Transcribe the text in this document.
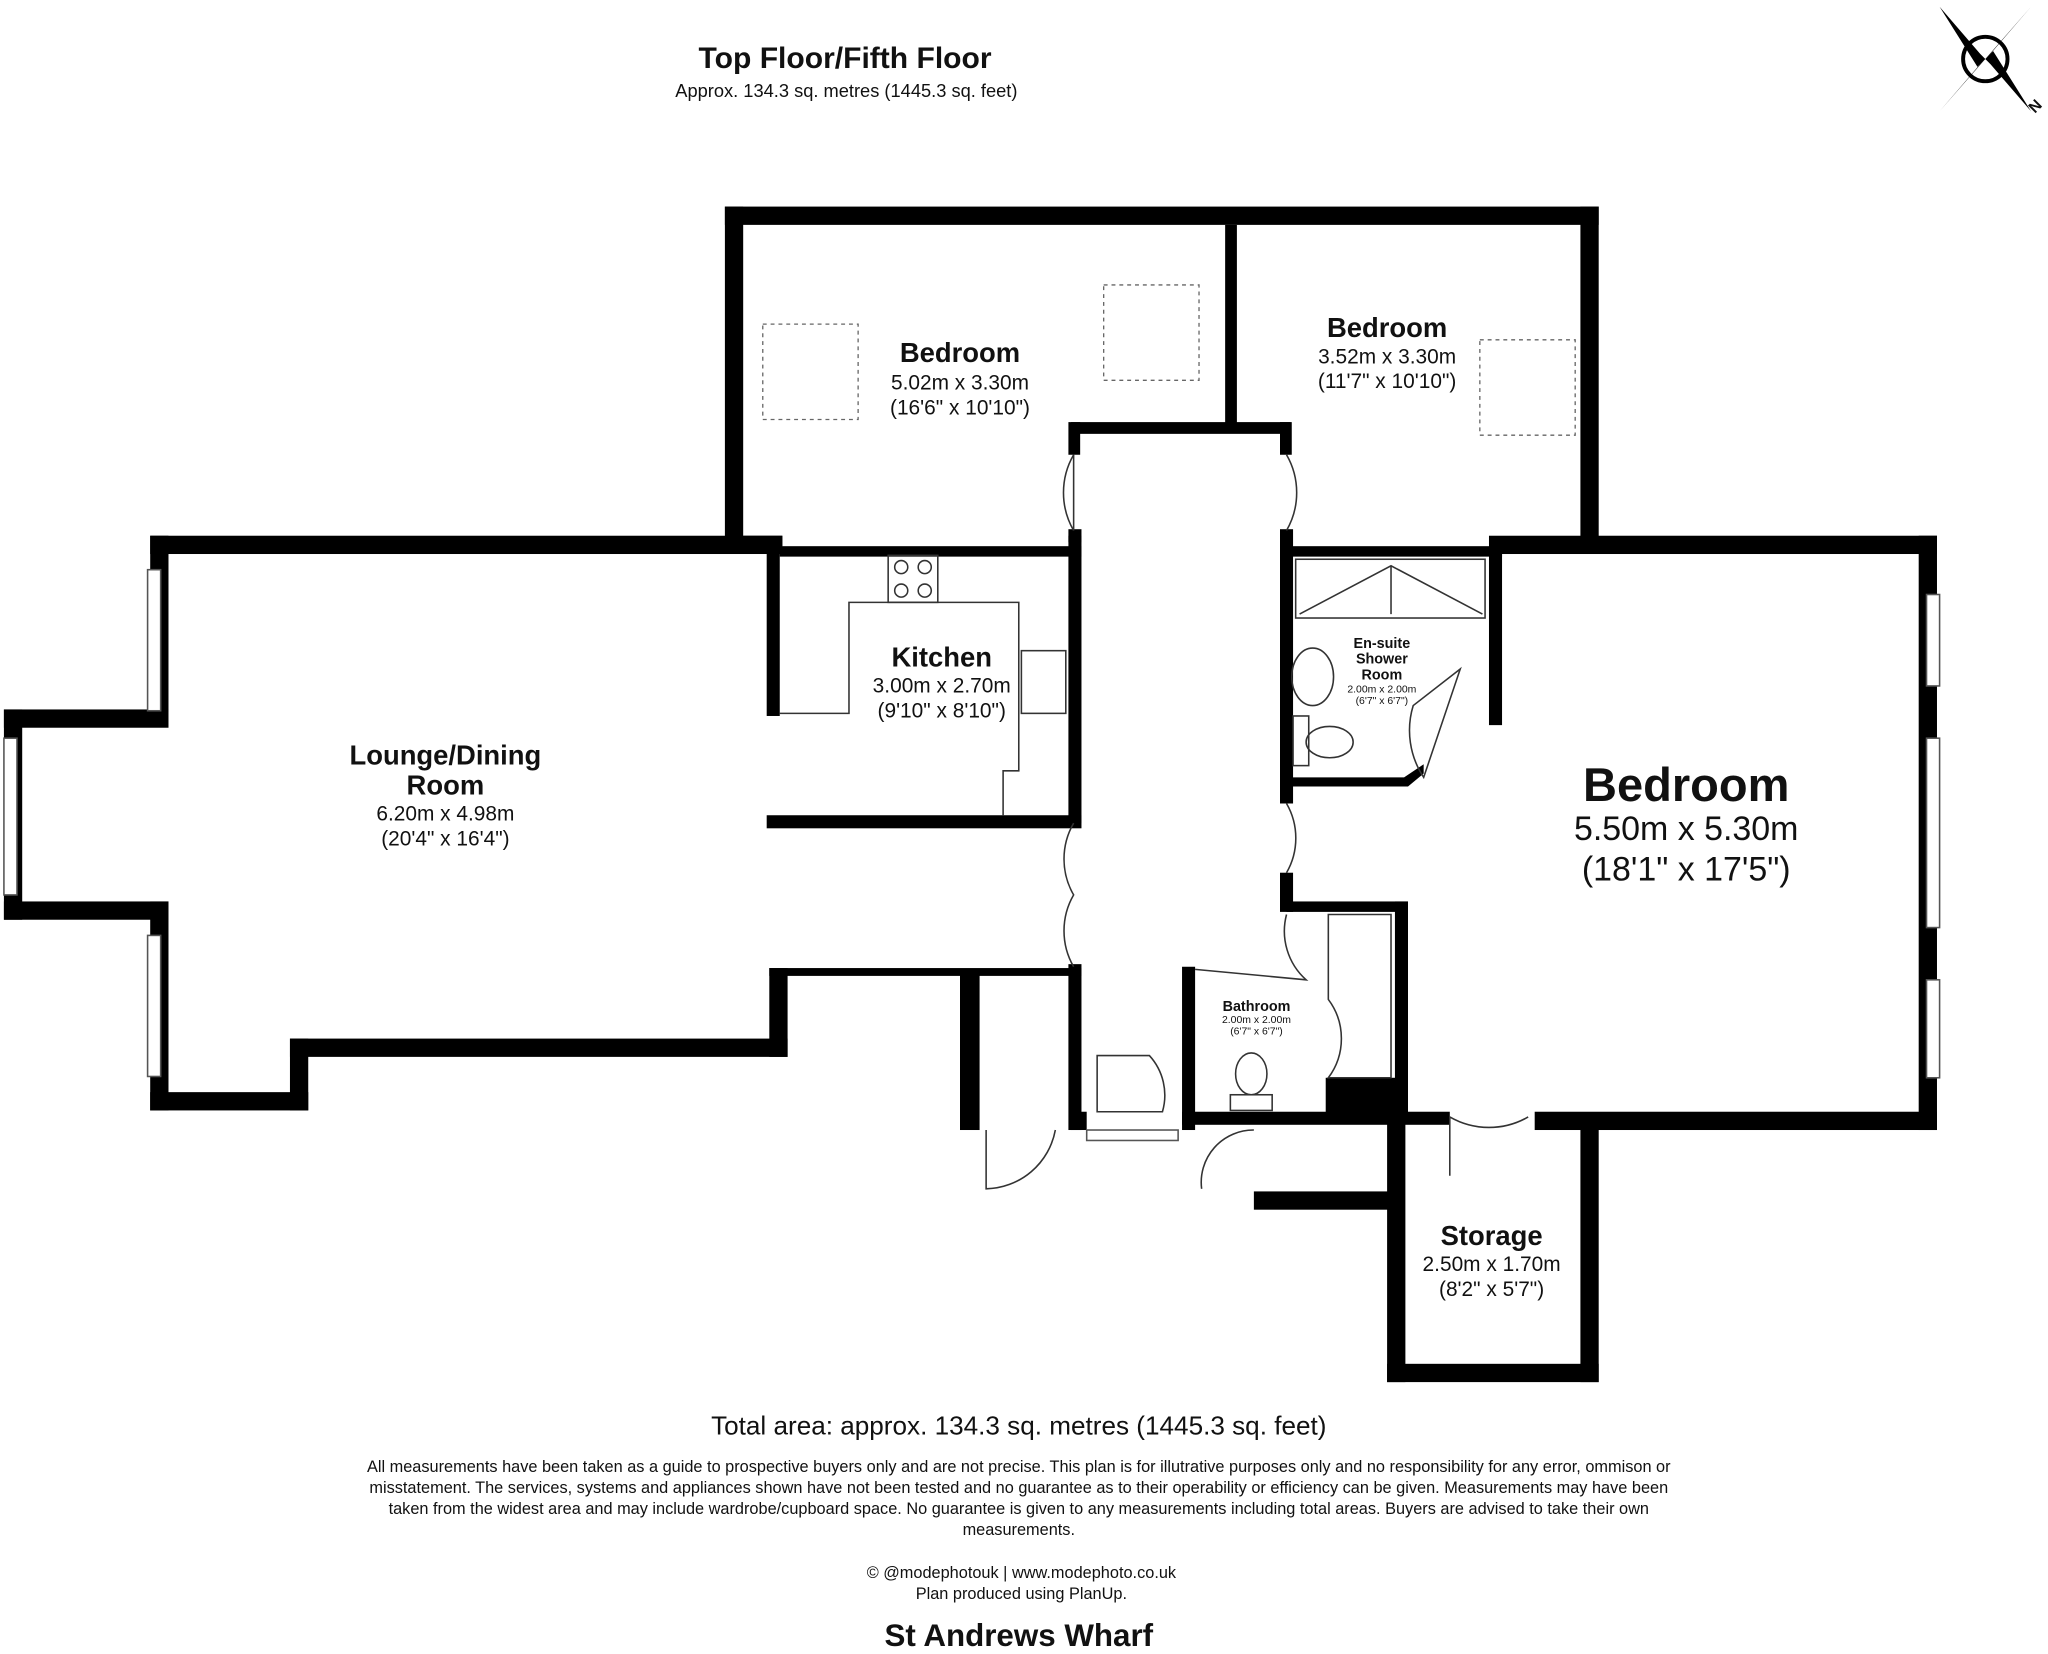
Top Floor/Fifth Floor
Approx. 134.3 sq. metres (1445.3 sq. feet)
N
Bedroom
5.02m x 3.30m
(16'6" x 10'10")
Bedroom
3.52m x 3.30m
(11'7" x 10'10")
Kitchen
3.00m x 2.70m
(9'10" x 8'10")
Lounge/Dining
Room
6.20m x 4.98m
(20'4" x 16'4")
Bedroom
5.50m x 5.30m
(18'1" x 17'5")
En-suite
Shower
Room
2.00m x 2.00m
(6'7" x 6'7")
Bathroom
2.00m x 2.00m
(6'7" x 6'7")
Storage
2.50m x 1.70m
(8'2" x 5'7")
Total area: approx. 134.3 sq. metres (1445.3 sq. feet)
All measurements have been taken as a guide to prospective buyers only and are not precise. This plan is for illutrative purposes only and no responsibility for any error, ommison or
misstatement. The services, systems and appliances shown have not been tested and no guarantee as to their operability or efficiency can be given. Measurements may have been
taken from the widest area and may include wardrobe/cupboard space. No guarantee is given to any measurements including total areas. Buyers are advised to take their own
measurements.
© @modephotouk | www.modephoto.co.uk
Plan produced using PlanUp.
St Andrews Wharf
